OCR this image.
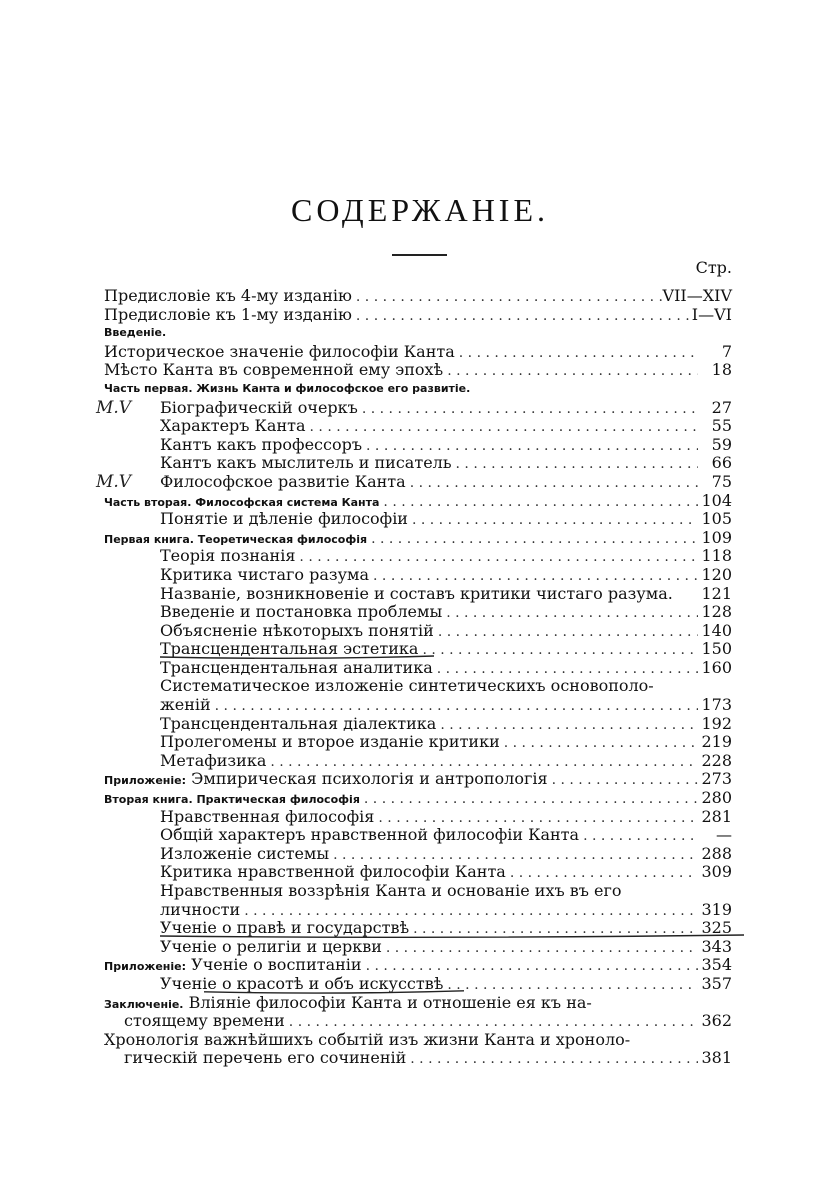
СОДЕРЖАНІЕ.
Стр.
Предисловіе къ 4-му изданію . . .	VII—XIV
Предисловіе къ 1-му изданію . . .	I—VI
Введеніе.
Историческое значеніе философіи Канта . . .	7
Мѣсто Канта въ современной ему эпохѣ . . .	18
Часть первая. Жизнь Канта и философское его развитіе.
Біографическій очеркъ . . .	27
Характеръ Канта . . .	55
Кантъ какъ профессоръ . . .	59
Кантъ какъ мыслитель и писатель . . .	66
Философское развитіе Канта . . .	75
Часть вторая. Философская система Канта . . .	104
Понятіе и дѣленіе философіи . . .	105
Первая книга. Теоретическая философія . . .	109
Теорія познанія . . .	118
Критика чистаго разума . . .	120
Названіе, возникновеніе и составъ критики чистаго разума.	121
Введеніе и постановка проблемы . . .	128
Объясненіе нѣкоторыхъ понятій . . .	140
Трансцендентальная эстетика . . .	150
Трансцендентальная аналитика . . .	160
Систематическое изложеніе синтетическихъ основополо-
женій . . .	173
Трансцендентальная діалектика . . .	192
Пролегомены и второе изданіе критики . . .	219
Метафизика . . .	228
Приложеніе: Эмпирическая психологія и антропологія . . .	273
Вторая книга. Практическая философія . . .	280
Нравственная философія . . .	281
Общій характеръ нравственной философіи Канта . . .	—
Изложеніе системы . . .	288
Критика нравственной философіи Канта . . .	309
Нравственныя воззрѣнія Канта и основаніе ихъ въ его
личности . . .	319
Ученіе о правѣ и государствѣ . . .	325
Ученіе о религіи и церкви . . .	343
Приложеніе: Ученіе о воспитаніи . . .	354
Ученіе о красотѣ и объ искусствѣ . . .	357
Заключеніе. Вліяніе философіи Канта и отношеніе ея къ на-
стоящему времени . . .	362
Хронологія важнѣйшихъ событій изъ жизни Канта и хроноло-
гическій перечень его сочиненій . . .	381
M.V
M.V
